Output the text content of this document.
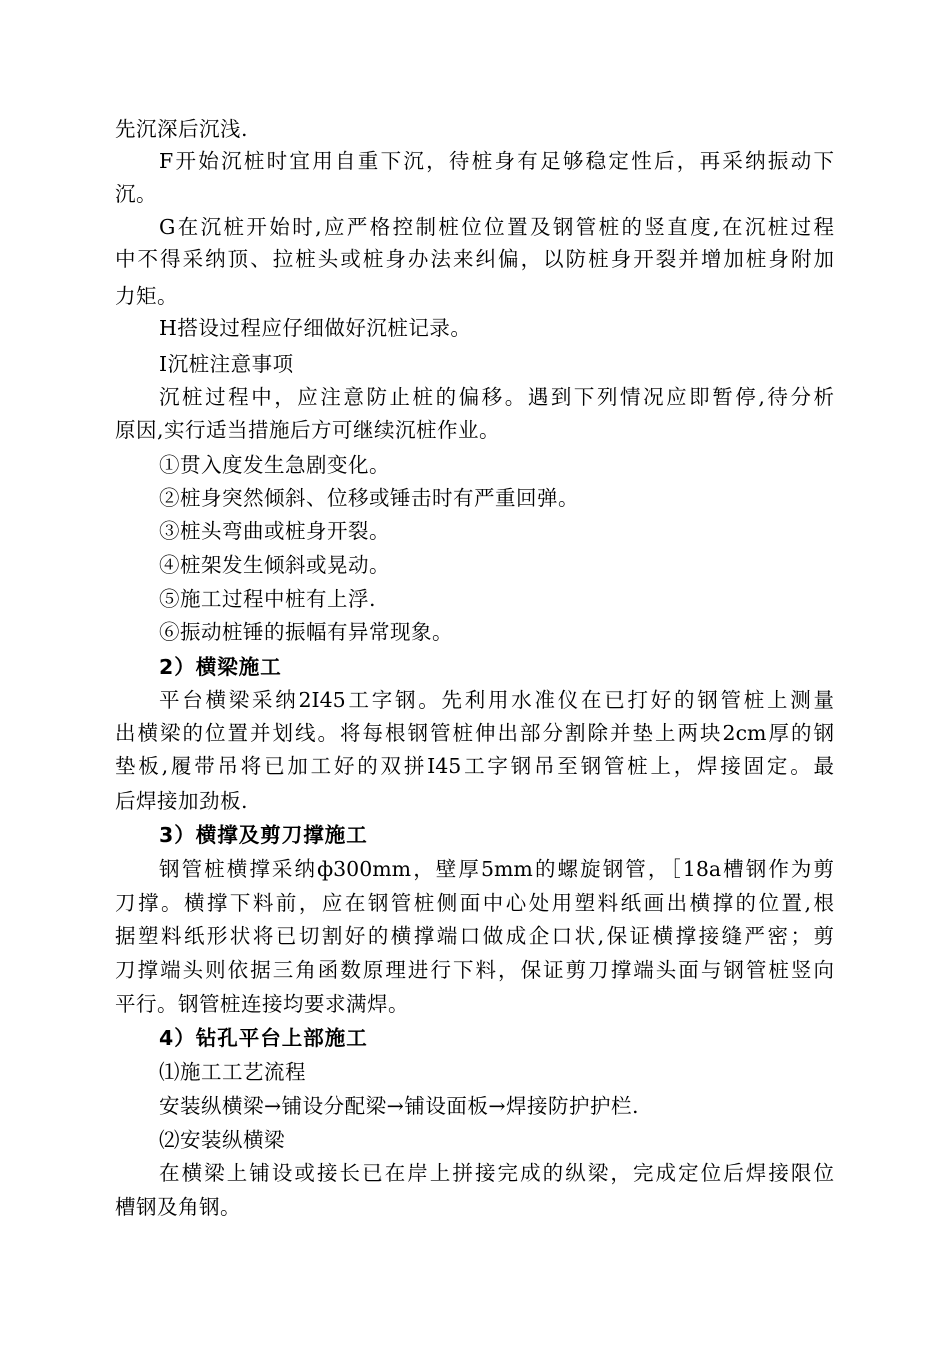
先沉深后沉浅.

F开始沉桩时宜用自重下沉，待桩身有足够稳定性后，再采纳振动下

沉。

G在沉桩开始时,应严格控制桩位位置及钢管桩的竖直度,在沉桩过程

中不得采纳顶、拉桩头或桩身办法来纠偏，以防桩身开裂并增加桩身附加

力矩。

H搭设过程应仔细做好沉桩记录。

I沉桩注意事项

沉桩过程中，应注意防止桩的偏移。遇到下列情况应即暂停,待分析

原因,实行适当措施后方可继续沉桩作业。

①贯入度发生急剧变化。

②桩身突然倾斜、位移或锤击时有严重回弹。

③桩头弯曲或桩身开裂。

④桩架发生倾斜或晃动。

⑤施工过程中桩有上浮.

⑥振动桩锤的振幅有异常现象。

2）横梁施工

平台横梁采纳2I45工字钢。先利用水准仪在已打好的钢管桩上测量

出横梁的位置并划线。将每根钢管桩伸出部分割除并垫上两块2cm厚的钢

垫板,履带吊将已加工好的双拼I45工字钢吊至钢管桩上，焊接固定。最

后焊接加劲板.

3）横撑及剪刀撑施工

钢管桩横撑采纳ф300mm，壁厚5mm的螺旋钢管，［18a槽钢作为剪

刀撑。横撑下料前，应在钢管桩侧面中心处用塑料纸画出横撑的位置,根

据塑料纸形状将已切割好的横撑端口做成企口状,保证横撑接缝严密；剪

刀撑端头则依据三角函数原理进行下料，保证剪刀撑端头面与钢管桩竖向

平行。钢管桩连接均要求满焊。

4）钻孔平台上部施工

⑴施工工艺流程

安装纵横梁→铺设分配梁→铺设面板→焊接防护护栏.

⑵安装纵横梁

在横梁上铺设或接长已在岸上拼接完成的纵梁，完成定位后焊接限位

槽钢及角钢。
